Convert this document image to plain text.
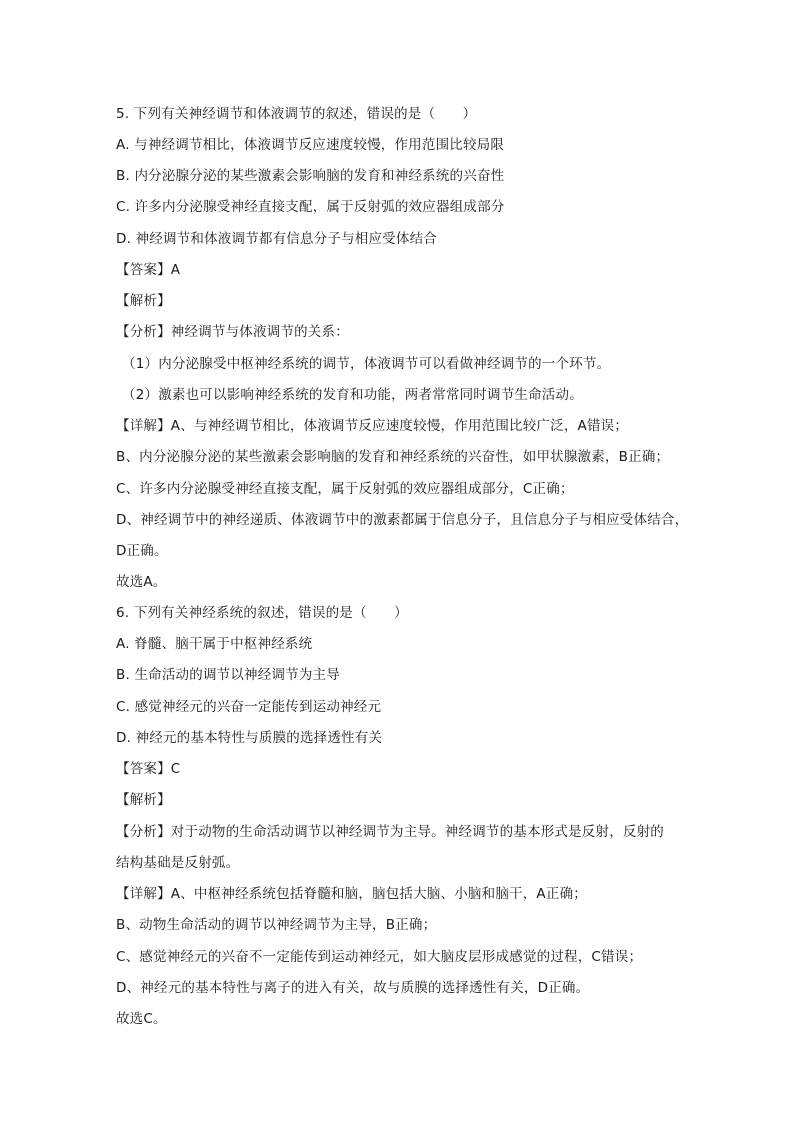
5. 下列有关神经调节和体液调节的叙述，错误的是（　　）
A. 与神经调节相比，体液调节反应速度较慢，作用范围比较局限
B. 内分泌腺分泌的某些激素会影响脑的发育和神经系统的兴奋性
C. 许多内分泌腺受神经直接支配，属于反射弧的效应器组成部分
D. 神经调节和体液调节都有信息分子与相应受体结合
【答案】A
【解析】
【分析】神经调节与体液调节的关系：
（1）内分泌腺受中枢神经系统的调节，体液调节可以看做神经调节的一个环节。
（2）激素也可以影响神经系统的发育和功能，两者常常同时调节生命活动。
【详解】A、与神经调节相比，体液调节反应速度较慢，作用范围比较广泛，A错误；
B、内分泌腺分泌的某些激素会影响脑的发育和神经系统的兴奋性，如甲状腺激素，B正确；
C、许多内分泌腺受神经直接支配，属于反射弧的效应器组成部分，C正确；
D、神经调节中的神经递质、体液调节中的激素都属于信息分子，且信息分子与相应受体结合，
D正确。
故选A。
6. 下列有关神经系统的叙述，错误的是（　　）
A. 脊髓、脑干属于中枢神经系统
B. 生命活动的调节以神经调节为主导
C. 感觉神经元的兴奋一定能传到运动神经元
D. 神经元的基本特性与质膜的选择透性有关
【答案】C
【解析】
【分析】对于动物的生命活动调节以神经调节为主导。神经调节的基本形式是反射，反射的
结构基础是反射弧。
【详解】A、中枢神经系统包括脊髓和脑，脑包括大脑、小脑和脑干，A正确；
B、动物生命活动的调节以神经调节为主导，B正确；
C、感觉神经元的兴奋不一定能传到运动神经元，如大脑皮层形成感觉的过程，C错误；
D、神经元的基本特性与离子的进入有关，故与质膜的选择透性有关，D正确。
故选C。
